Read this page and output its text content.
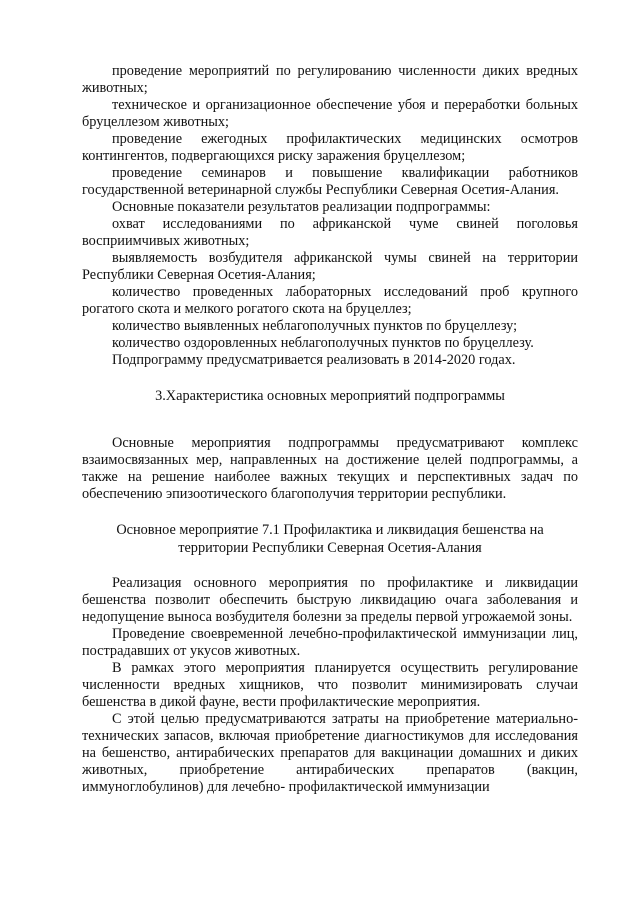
проведение мероприятий по регулированию численности диких вредных животных;

техническое и организационное обеспечение убоя и переработки больных бруцеллезом животных;

проведение ежегодных профилактических медицинских осмотров контингентов, подвергающихся риску заражения бруцеллезом;

проведение семинаров и повышение квалификации работников государственной ветеринарной службы Республики Северная Осетия-Алания.

Основные показатели результатов реализации подпрограммы:

охват исследованиями по африканской чуме свиней поголовья восприимчивых животных;

выявляемость возбудителя африканской чумы свиней на территории Республики Северная Осетия-Алания;

количество проведенных лабораторных исследований проб крупного рогатого скота и мелкого рогатого скота на бруцеллез;

количество выявленных неблагополучных пунктов по бруцеллезу;

количество оздоровленных неблагополучных пунктов по бруцеллезу.

Подпрограмму предусматривается реализовать в 2014-2020 годах.

3.Характеристика основных мероприятий подпрограммы

Основные мероприятия подпрограммы предусматривают комплекс взаимосвязанных мер, направленных на достижение целей подпрограммы, а также на решение наиболее важных текущих и перспективных задач по обеспечению эпизоотического благополучия территории республики.

Основное мероприятие 7.1 Профилактика и ликвидация бешенства на территории Республики Северная Осетия-Алания

Реализация основного мероприятия по профилактике и ликвидации бешенства позволит обеспечить быструю ликвидацию очага заболевания и недопущение выноса возбудителя болезни за пределы первой угрожаемой зоны.

Проведение своевременной лечебно-профилактической иммунизации лиц, пострадавших от укусов животных.

В рамках этого мероприятия планируется осуществить регулирование численности вредных хищников, что позволит минимизировать случаи бешенства в дикой фауне, вести профилактические мероприятия.

С этой целью предусматриваются затраты на приобретение материально-технических запасов, включая приобретение диагностикумов для исследования на бешенство, антирабических препаратов для вакцинации домашних и диких животных, приобретение антирабических препаратов (вакцин, иммуноглобулинов) для лечебно- профилактической иммунизации
